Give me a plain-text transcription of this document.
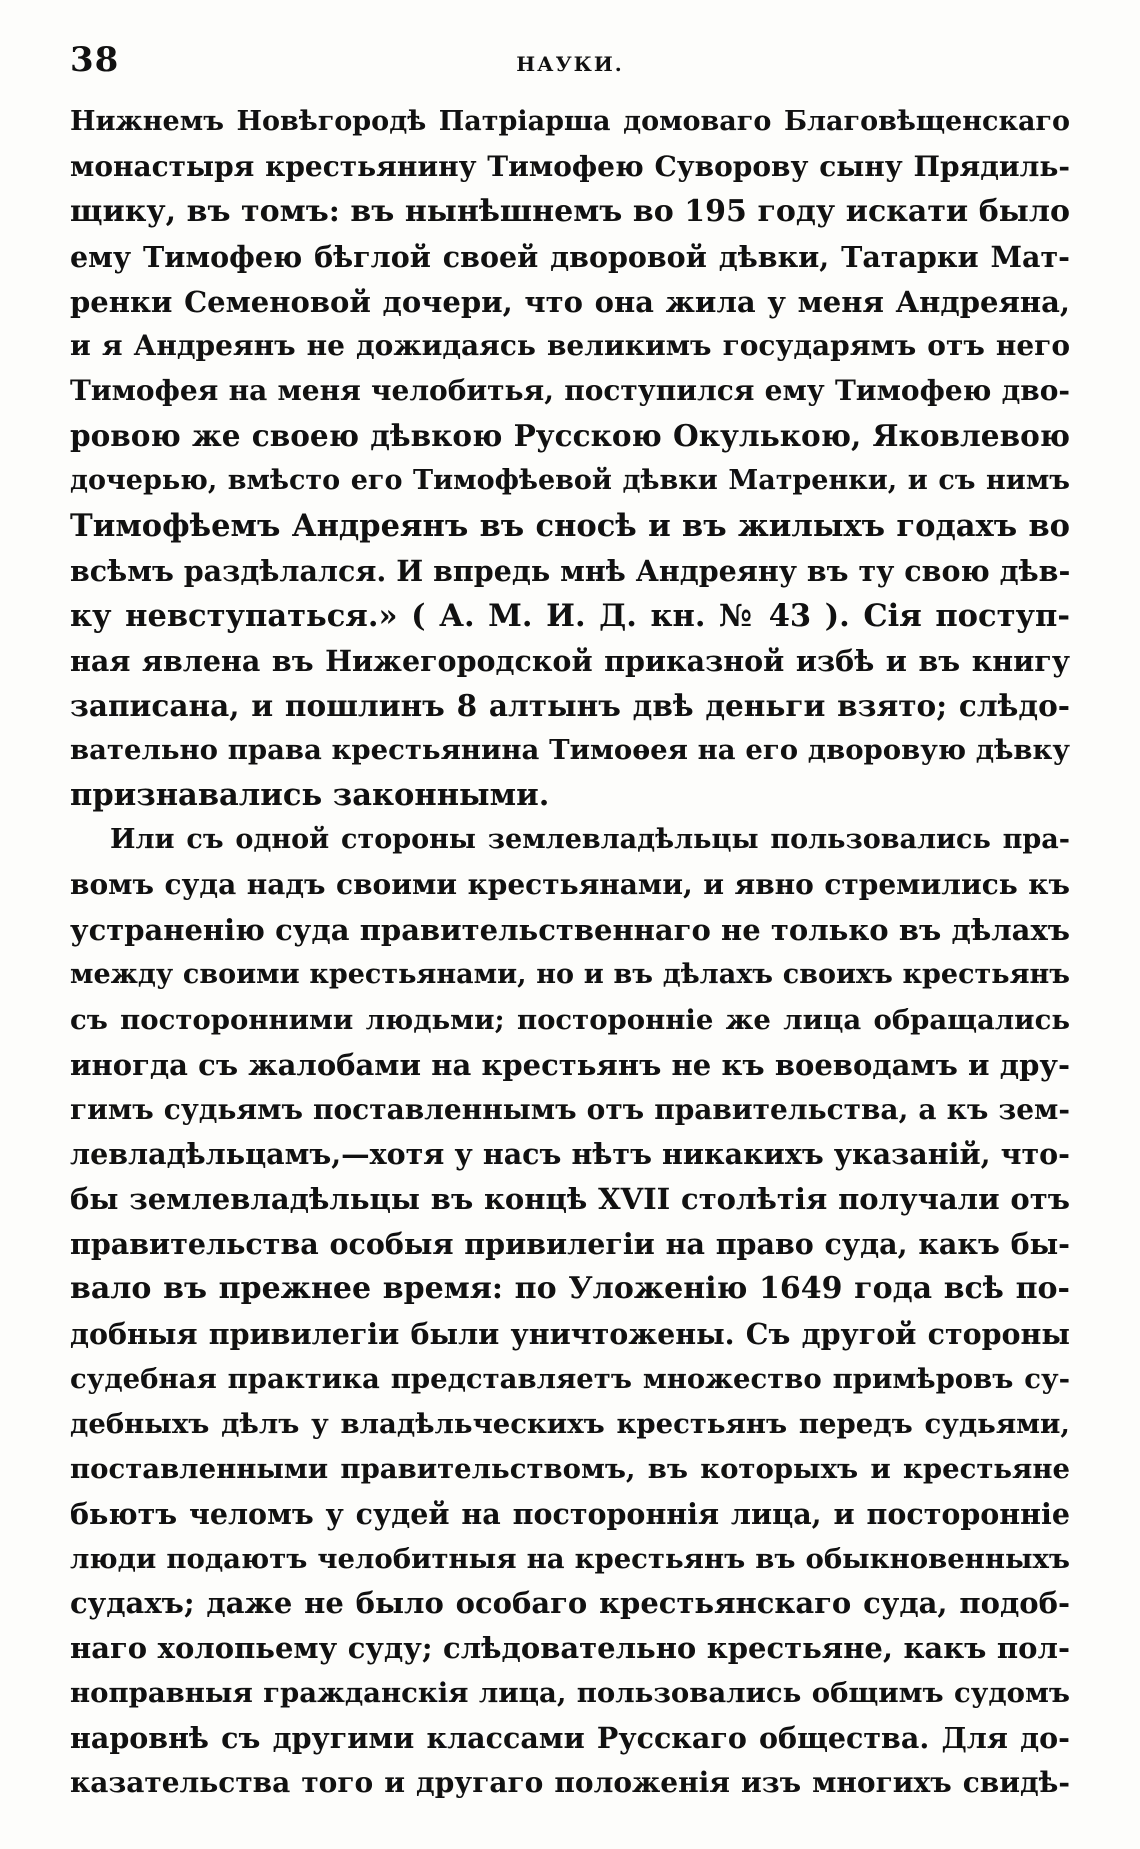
38	НАУКИ.
Нижнемъ Новѣгородѣ Патріарша домоваго Благовѣщенскаго
монастыря крестьянину Тимофею Суворову сыну Прядиль-
щику, въ томъ: въ нынѣшнемъ во 195 году искати было
ему Тимофею бѣглой своей дворовой дѣвки, Татарки Мат-
ренки Семеновой дочери, что она жила у меня Андреяна,
и я Андреянъ не дожидаясь великимъ государямъ отъ него
Тимофея на меня челобитья, поступился ему Тимофею дво-
ровою же своею дѣвкою Русскою Окулькою, Яковлевою
дочерью, вмѣсто его Тимофѣевой дѣвки Матренки, и съ нимъ
Тимофѣемъ Андреянъ въ сносѣ и въ жилыхъ годахъ во
всѣмъ раздѣлался. И впредь мнѣ Андреяну въ ту свою дѣв-
ку невступаться.» ( А. М. И. Д. кн. № 43 ). Сія поступ-
ная явлена въ Нижегородской приказной избѣ и въ книгу
записана, и пошлинъ 8 алтынъ двѣ деньги взято; слѣдо-
вательно права крестьянина Тимоѳея на его дворовую дѣвку
признавались законными.
Или съ одной стороны землевладѣльцы пользовались пра-
вомъ суда надъ своими крестьянами, и явно стремились къ
устраненію суда правительственнаго не только въ дѣлахъ
между своими крестьянами, но и въ дѣлахъ своихъ крестьянъ
съ посторонними людьми; посторонніе же лица обращались
иногда съ жалобами на крестьянъ не къ воеводамъ и дру-
гимъ судьямъ поставленнымъ отъ правительства, а къ зем-
левладѣльцамъ,—хотя у насъ нѣтъ никакихъ указаній, что-
бы землевладѣльцы въ концѣ XVII столѣтія получали отъ
правительства особыя привилегіи на право суда, какъ бы-
вало въ прежнее время: по Уложенію 1649 года всѣ по-
добныя привилегіи были уничтожены. Съ другой стороны
судебная практика представляетъ множество примѣровъ су-
дебныхъ дѣлъ у владѣльческихъ крестьянъ передъ судьями,
поставленными правительствомъ, въ которыхъ и крестьяне
бьютъ челомъ у судей на постороннія лица, и посторонніе
люди подаютъ челобитныя на крестьянъ въ обыкновенныхъ
судахъ; даже не было особаго крестьянскаго суда, подоб-
наго холопьему суду; слѣдовательно крестьяне, какъ пол-
ноправныя гражданскія лица, пользовались общимъ судомъ
наровнѣ съ другими классами Русскаго общества. Для до-
казательства того и другаго положенія изъ многихъ свидѣ-
